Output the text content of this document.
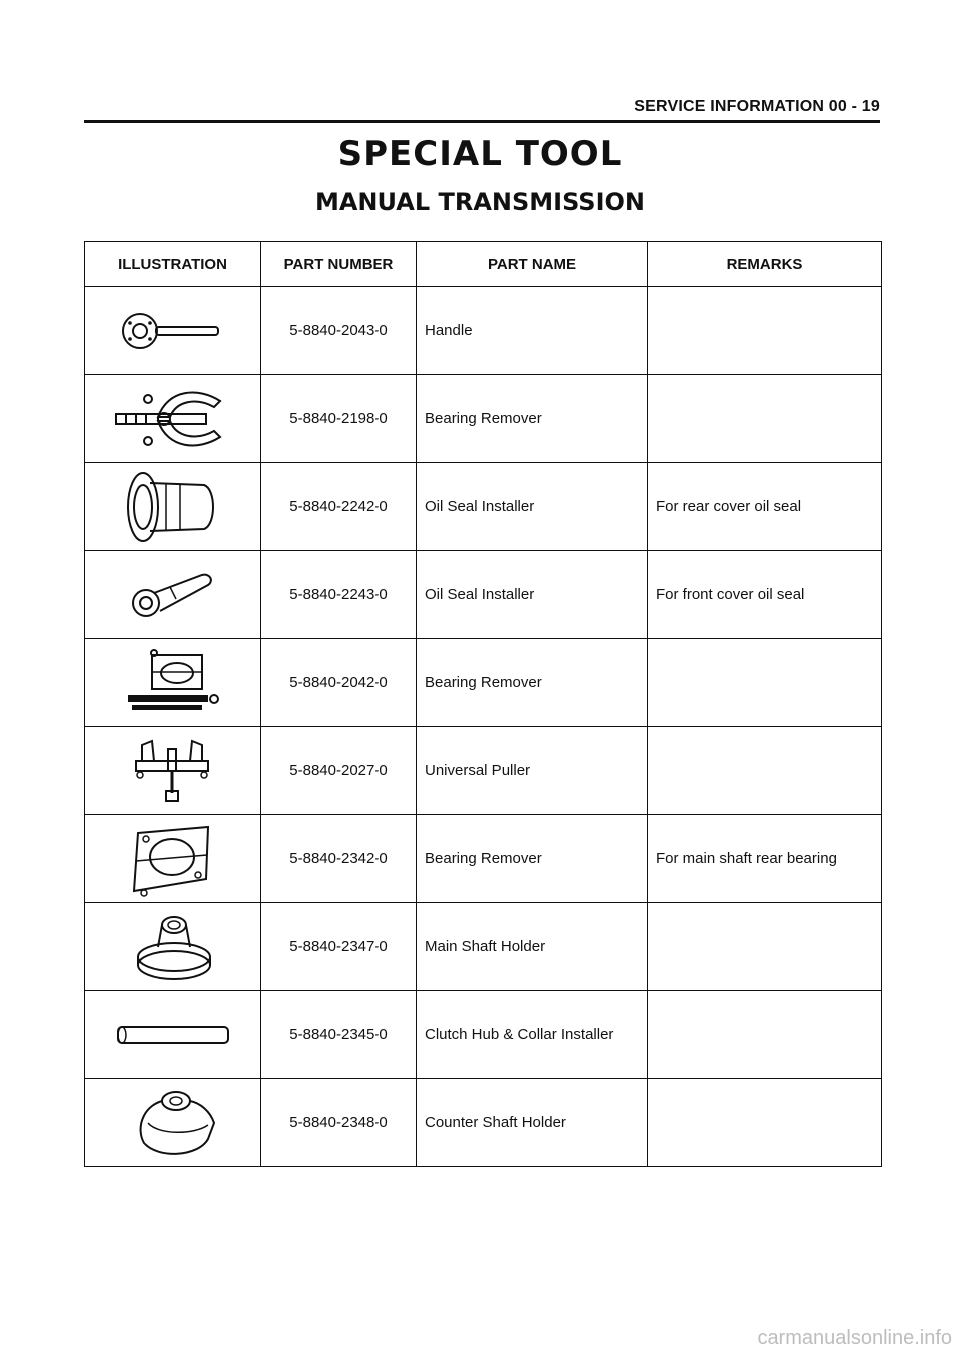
SERVICE INFORMATION 00 - 19
SPECIAL TOOL
MANUAL TRANSMISSION
ILLUSTRATION	PART NUMBER	PART NAME	REMARKS
	5-8840-2043-0	Handle	
	5-8840-2198-0	Bearing Remover	
	5-8840-2242-0	Oil Seal Installer	For rear cover oil seal
	5-8840-2243-0	Oil Seal Installer	For front cover oil seal
	5-8840-2042-0	Bearing Remover	
	5-8840-2027-0	Universal Puller	
	5-8840-2342-0	Bearing Remover	For main shaft rear bearing
	5-8840-2347-0	Main Shaft Holder	
	5-8840-2345-0	Clutch Hub & Collar Installer	
	5-8840-2348-0	Counter Shaft Holder	
carmanualsonline.info
